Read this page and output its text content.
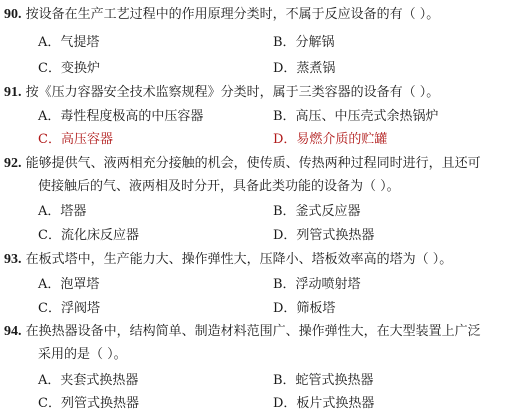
90. 按设备在生产工艺过程中的作用原理分类时，不属于反应设备的有（ ）。
A．气提塔	B．分解锅
C．变换炉	D．蒸煮锅
91. 按《压力容器安全技术监察规程》分类时，属于三类容器的设备有（ ）。
A．毒性程度极高的中压容器	B．高压、中压壳式余热锅炉
C．高压容器	D．易燃介质的贮罐
92. 能够提供气、液两相充分接触的机会，使传质、传热两种过程同时进行，且还可
使接触后的气、液两相及时分开，具备此类功能的设备为（ ）。
A．塔器	B．釜式反应器
C．流化床反应器	D．列管式换热器
93. 在板式塔中，生产能力大、操作弹性大，压降小、塔板效率高的塔为（ ）。
A．泡罩塔	B．浮动喷射塔
C．浮阀塔	D．筛板塔
94. 在换热器设备中，结构简单、制造材料范围广、操作弹性大，在大型装置上广泛
采用的是（ ）。
A．夹套式换热器	B．蛇管式换热器
C．列管式换热器	D．板片式换热器
